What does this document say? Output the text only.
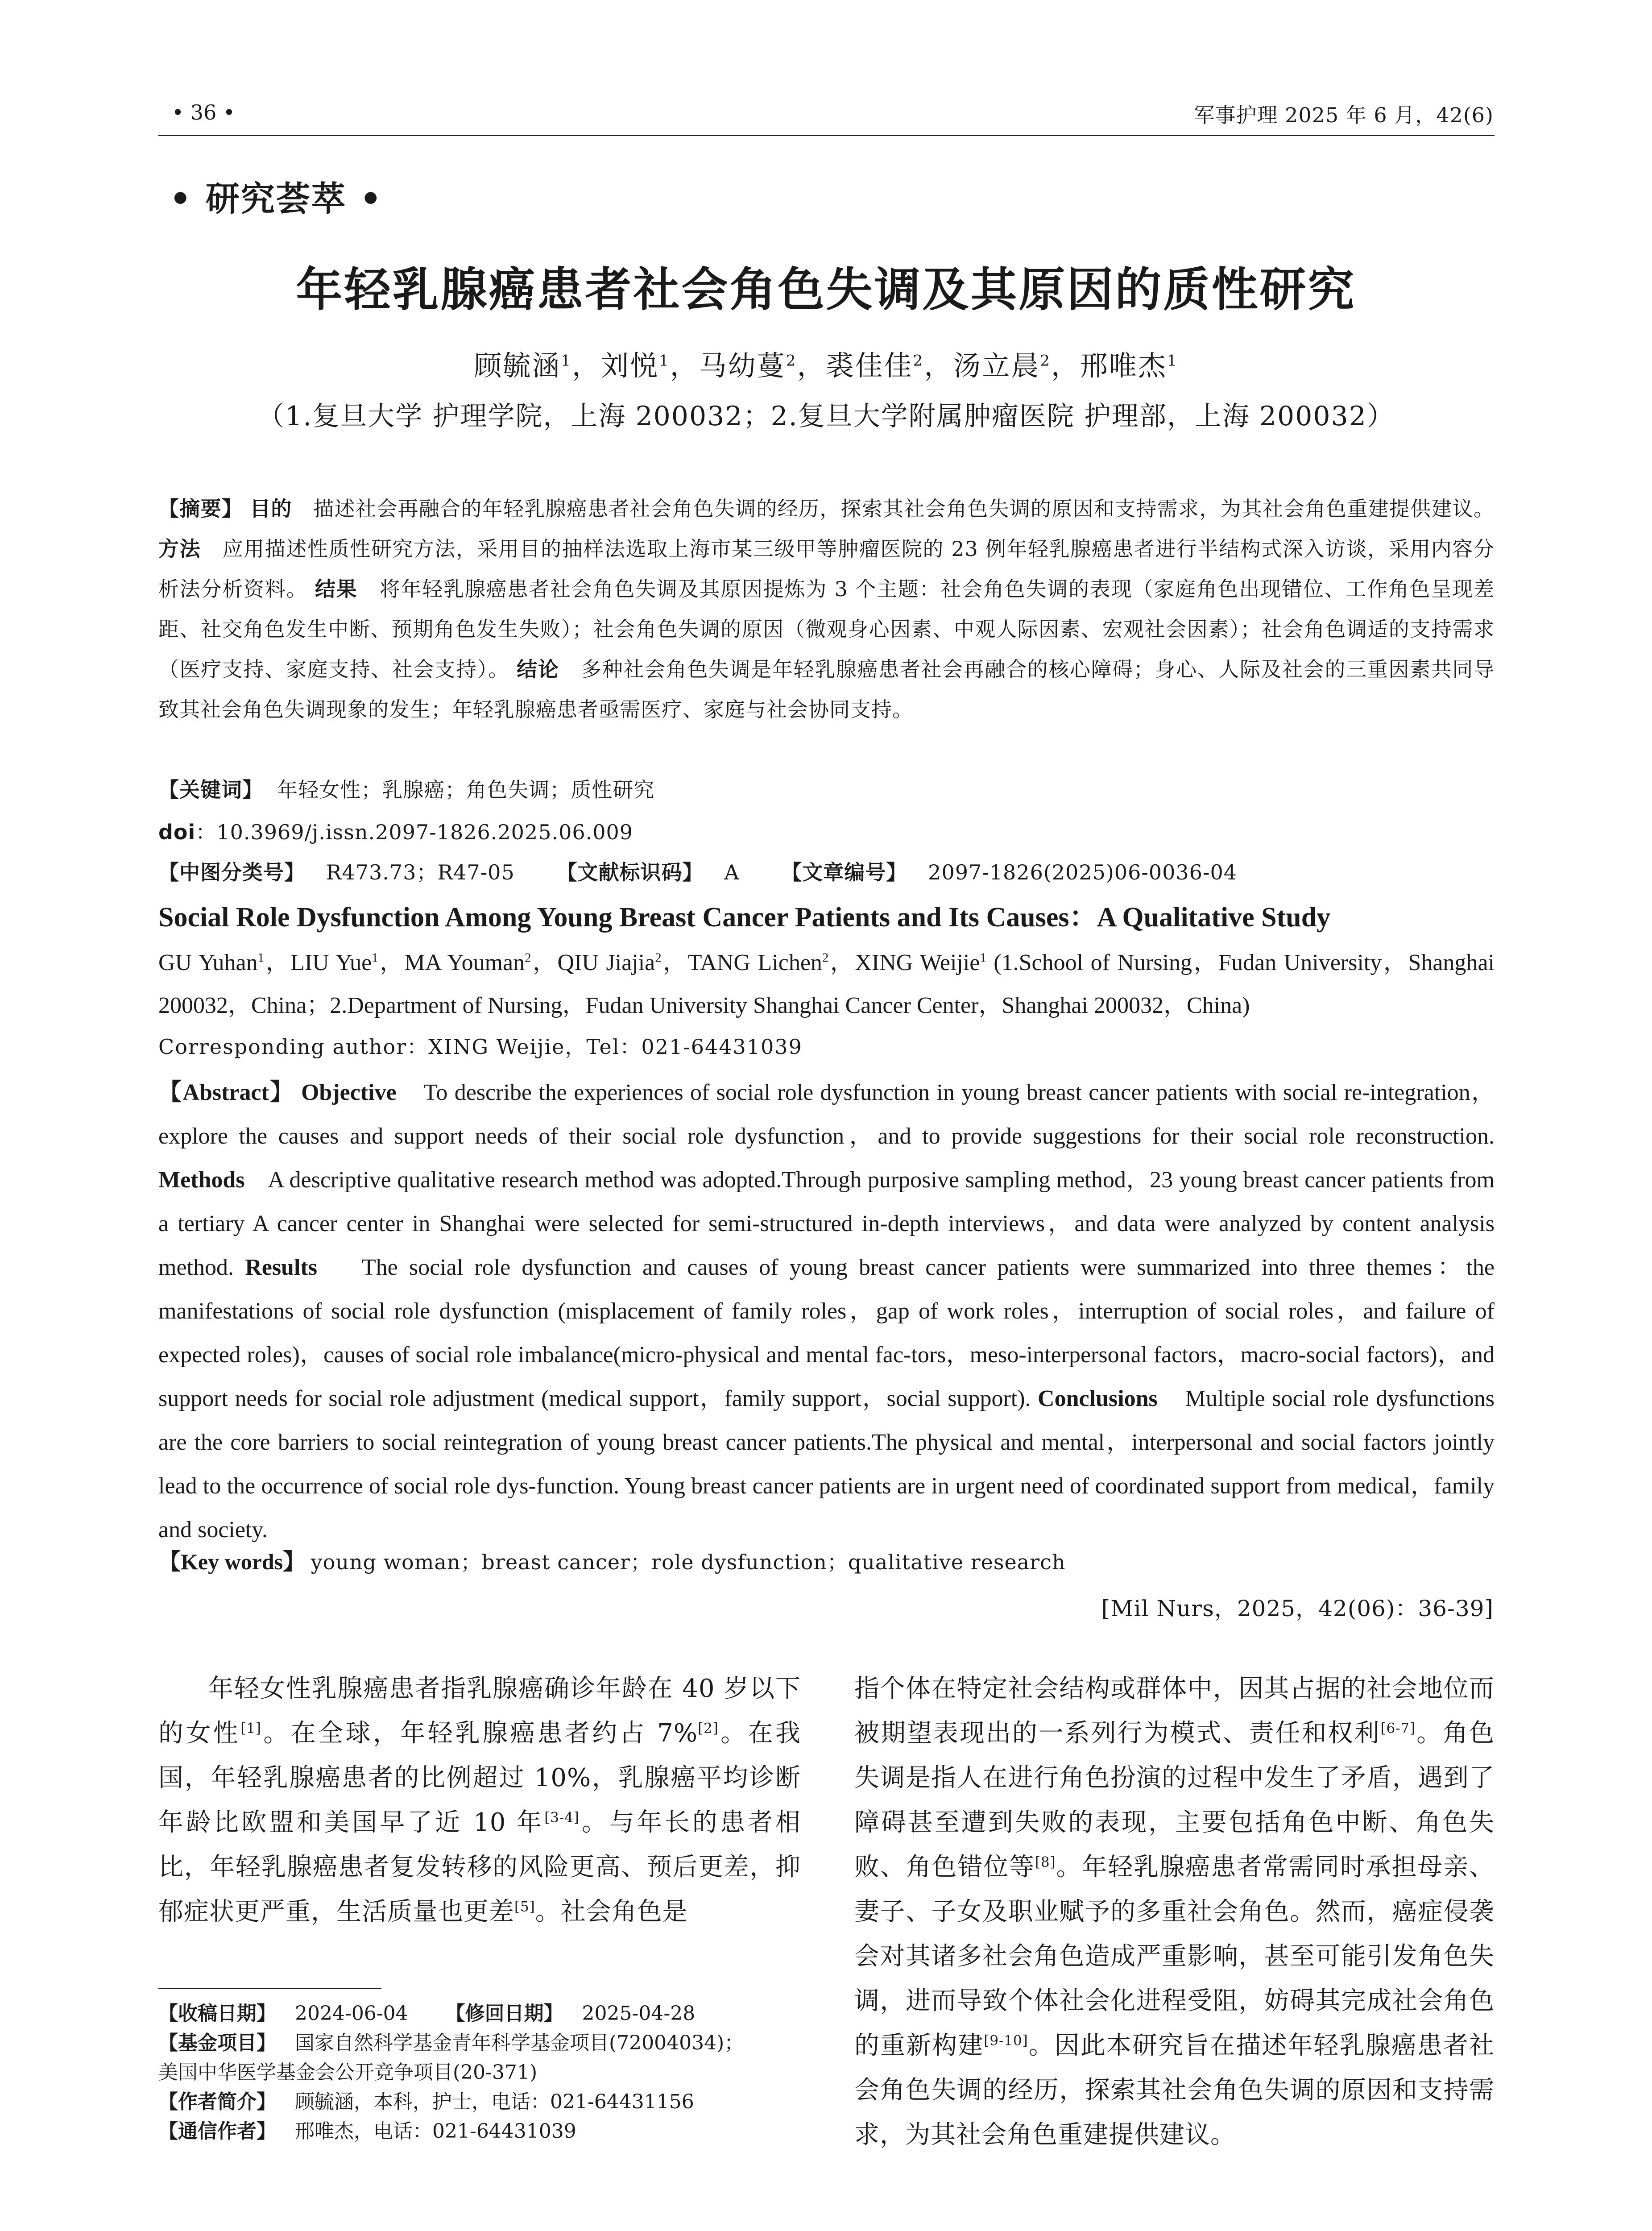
• 36 •	军事护理 2025 年 6 月，42(6)
• 研究荟萃 •
年轻乳腺癌患者社会角色失调及其原因的质性研究
顾毓涵$^1$，刘悦$^1$，马幼蔓$^2$，裘佳佳$^2$，汤立晨$^2$，邢唯杰$^1$
（1.复旦大学 护理学院，上海 200032；2.复旦大学附属肿瘤医院 护理部，上海 200032）
【摘要】 目的 描述社会再融合的年轻乳腺癌患者社会角色失调的经历，探索其社会角色失调的原因和支持需求，为其社会角色重建提供建议。 方法 应用描述性质性研究方法，采用目的抽样法选取上海市某三级甲等肿瘤医院的 23 例年轻乳腺癌患者进行半结构式深入访谈，采用内容分析法分析资料。 结果 将年轻乳腺癌患者社会角色失调及其原因提炼为 3 个主题：社会角色失调的表现（家庭角色出现错位、工作角色呈现差距、社交角色发生中断、预期角色发生失败）；社会角色失调的原因（微观身心因素、中观人际因素、宏观社会因素）；社会角色调适的支持需求（医疗支持、家庭支持、社会支持）。 结论 多种社会角色失调是年轻乳腺癌患者社会再融合的核心障碍；身心、人际及社会的三重因素共同导致其社会角色失调现象的发生；年轻乳腺癌患者亟需医疗、家庭与社会协同支持。
【关键词】 年轻女性；乳腺癌；角色失调；质性研究
doi：10.3969/j.issn.2097-1826.2025.06.009
【中图分类号】 R473.73；R47-05 【文献标识码】 A 【文章编号】 2097-1826(2025)06-0036-04
Social Role Dysfunction Among Young Breast Cancer Patients and Its Causes：A Qualitative Study
GU Yuhan$^1$，LIU Yue$^1$，MA Youman$^2$，QIU Jiajia$^2$，TANG Lichen$^2$，XING Weijie$^1$ (1.School of Nursing，Fudan University，Shanghai 200032，China；2.Department of Nursing，Fudan University Shanghai Cancer Center，Shanghai 200032，China)
Corresponding author：XING Weijie，Tel：021-64431039
【Abstract】 Objective To describe the experiences of social role dysfunction in young breast cancer patients with social re-integration，explore the causes and support needs of their social role dysfunction，and to provide suggestions for their social role reconstruction. Methods A descriptive qualitative research method was adopted.Through purposive sampling method，23 young breast cancer patients from a tertiary A cancer center in Shanghai were selected for semi-structured in-depth interviews，and data were analyzed by content analysis method. Results The social role dysfunction and causes of young breast cancer patients were summarized into three themes：the manifestations of social role dysfunction (misplacement of family roles，gap of work roles，interruption of social roles，and failure of expected roles)，causes of social role imbalance(micro-physical and mental fac-tors，meso-interpersonal factors，macro-social factors)，and support needs for social role adjustment (medical support，family support，social support). Conclusions Multiple social role dysfunctions are the core barriers to social reintegration of young breast cancer patients.The physical and mental，interpersonal and social factors jointly lead to the occurrence of social role dys-function. Young breast cancer patients are in urgent need of coordinated support from medical，family and society.
【Key words】 young woman；breast cancer；role dysfunction；qualitative research
[Mil Nurs，2025，42(06)：36-39]
年轻女性乳腺癌患者指乳腺癌确诊年龄在 40 岁以下的女性[1]。在全球，年轻乳腺癌患者约占 7%[2]。在我国，年轻乳腺癌患者的比例超过 10%，乳腺癌平均诊断年龄比欧盟和美国早了近 10 年[3-4]。与年长的患者相比，年轻乳腺癌患者复发转移的风险更高、预后更差，抑郁症状更严重，生活质量也更差[5]。社会角色是
指个体在特定社会结构或群体中，因其占据的社会地位而被期望表现出的一系列行为模式、责任和权利[6-7]。角色失调是指人在进行角色扮演的过程中发生了矛盾，遇到了障碍甚至遭到失败的表现，主要包括角色中断、角色失败、角色错位等[8]。年轻乳腺癌患者常需同时承担母亲、妻子、子女及职业赋予的多重社会角色。然而，癌症侵袭会对其诸多社会角色造成严重影响，甚至可能引发角色失调，进而导致个体社会化进程受阻，妨碍其完成社会角色的重新构建[9-10]。因此本研究旨在描述年轻乳腺癌患者社会角色失调的经历，探索其社会角色失调的原因和支持需求，为其社会角色重建提供建议。
【收稿日期】 2024-06-04 【修回日期】 2025-04-28
【基金项目】 国家自然科学基金青年科学基金项目(72004034)；
美国中华医学基金会公开竞争项目(20-371)
【作者简介】 顾毓涵，本科，护士，电话：021-64431156
【通信作者】 邢唯杰，电话：021-64431039
